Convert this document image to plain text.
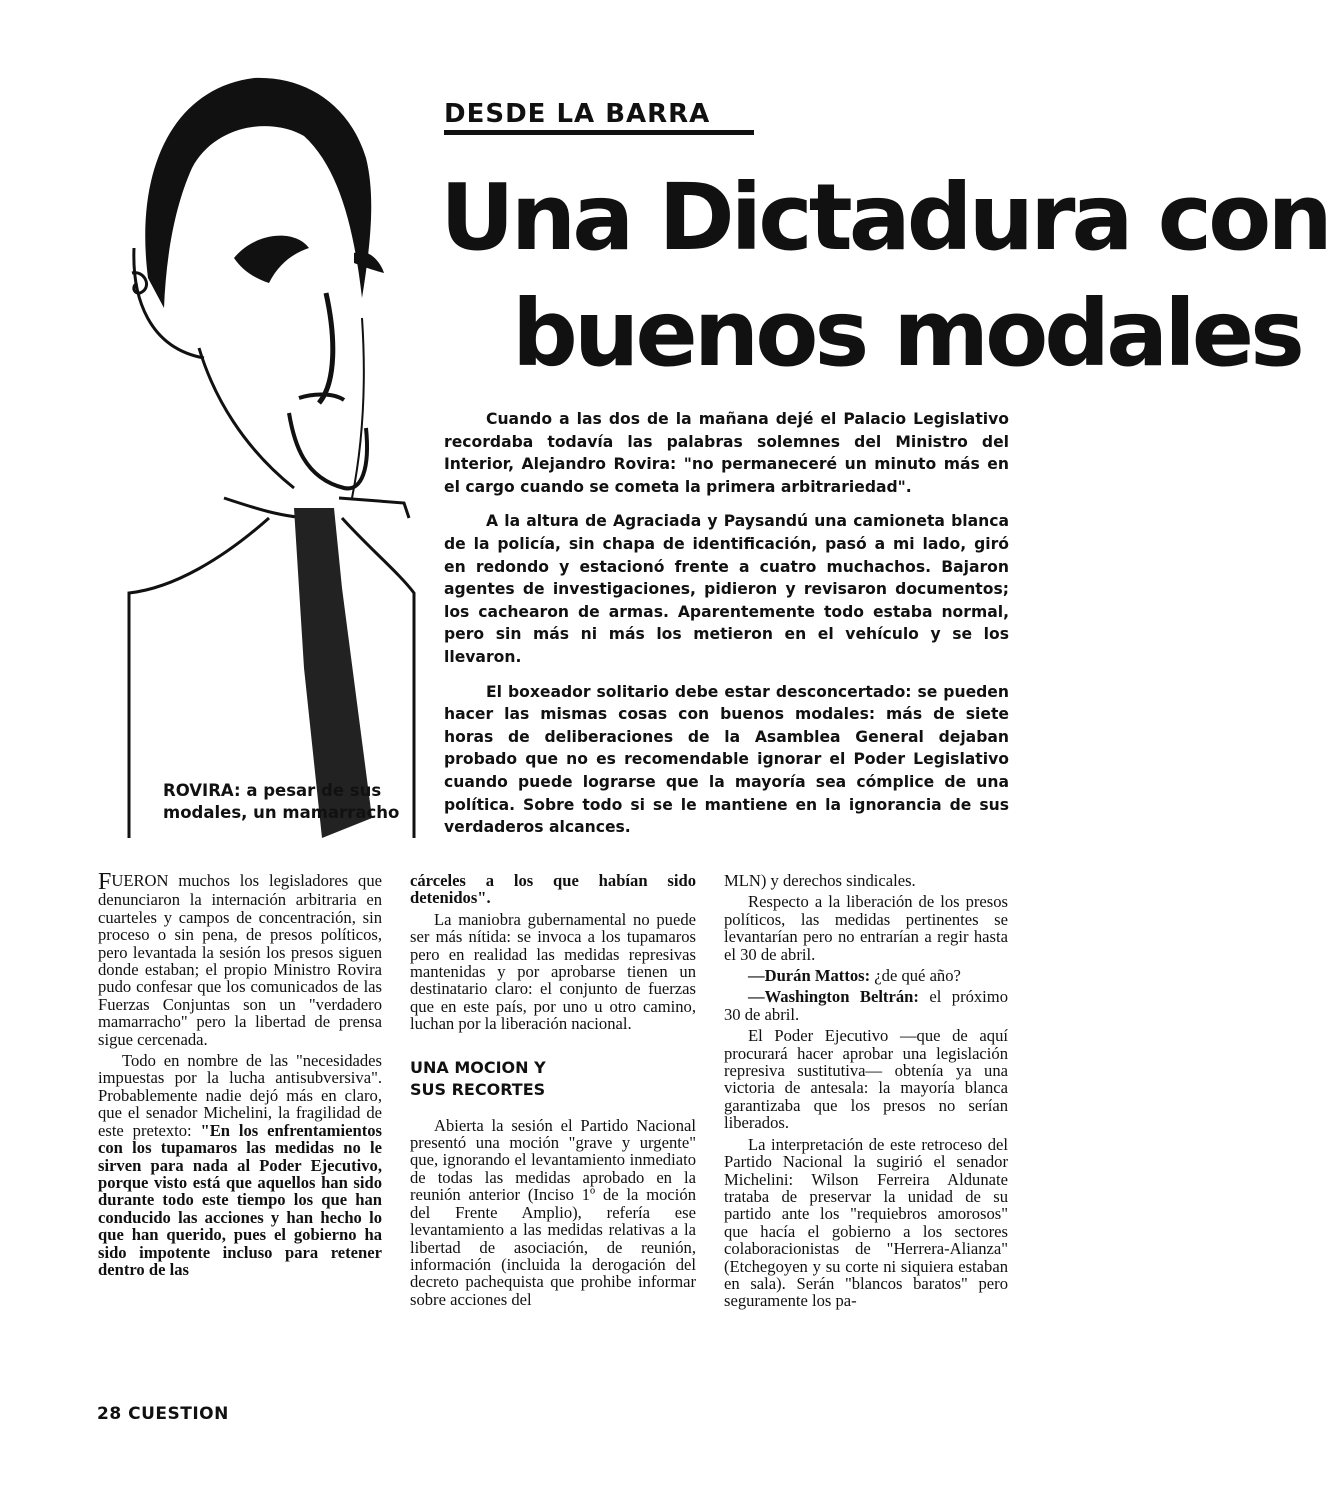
ROVIRA: a pesar de sus
modales, un mamarracho
DESDE LA BARRA
Una Dictadura con
buenos modales

Cuando a las dos de la mañana dejé el Palacio Legislativo recordaba todavía las palabras solemnes del Ministro del Interior, Alejandro Rovira: "no permaneceré un minuto más en el cargo cuando se cometa la primera arbitrariedad".

A la altura de Agraciada y Paysandú una camioneta blanca de la policía, sin chapa de identificación, pasó a mi lado, giró en redondo y estacionó frente a cuatro muchachos. Bajaron agentes de investigaciones, pidieron y revisaron documentos; los cachearon de armas. Aparentemente todo estaba normal, pero sin más ni más los metieron en el vehículo y se los llevaron.

El boxeador solitario debe estar desconcertado: se pueden hacer las mismas cosas con buenos modales: más de siete horas de deliberaciones de la Asamblea General dejaban probado que no es recomendable ignorar el Poder Legislativo cuando puede lograrse que la mayoría sea cómplice de una política. Sobre todo si se le mantiene en la ignorancia de sus verdaderos alcances.

FUERON muchos los legisladores que denunciaron la internación arbitraria en cuarteles y campos de concentración, sin proceso o sin pena, de presos políticos, pero levantada la sesión los presos siguen donde estaban; el propio Ministro Rovira pudo confesar que los comunicados de las Fuerzas Conjuntas son un "verdadero mamarracho" pero la libertad de prensa sigue cercenada.

Todo en nombre de las "necesidades impuestas por la lucha antisubversiva". Probablemente nadie dejó más en claro, que el senador Michelini, la fragilidad de este pretexto: "En los enfrentamientos con los tupamaros las medidas no le sirven para nada al Poder Ejecutivo, porque visto está que aquellos han sido durante todo este tiempo los que han conducido las acciones y han hecho lo que han querido, pues el gobierno ha sido impotente incluso para retener dentro de las

cárceles a los que habían sido detenidos".

La maniobra gubernamental no puede ser más nítida: se invoca a los tupamaros pero en realidad las medidas represivas mantenidas y por aprobarse tienen un destinatario claro: el conjunto de fuerzas que en este país, por uno u otro camino, luchan por la liberación nacional.

UNA MOCION Y
SUS RECORTES

Abierta la sesión el Partido Nacional presentó una moción "grave y urgente" que, ignorando el levantamiento inmediato de todas las medidas aprobado en la reunión anterior (Inciso 1º de la moción del Frente Amplio), refería ese levantamiento a las medidas relativas a la libertad de asociación, de reunión, información (incluida la derogación del decreto pachequista que prohibe informar sobre acciones del

MLN) y derechos sindicales.

Respecto a la liberación de los presos políticos, las medidas pertinentes se levantarían pero no entrarían a regir hasta el 30 de abril.

—Durán Mattos: ¿de qué año?

—Washington Beltrán: el próximo 30 de abril.

El Poder Ejecutivo —que de aquí procurará hacer aprobar una legislación represiva sustitutiva— obtenía ya una victoria de antesala: la mayoría blanca garantizaba que los presos no serían liberados.

La interpretación de este retroceso del Partido Nacional la sugirió el senador Michelini: Wilson Ferreira Aldunate trataba de preservar la unidad de su partido ante los "requiebros amorosos" que hacía el gobierno a los sectores colaboracionistas de "Herrera-Alianza" (Etchegoyen y su corte ni siquiera estaban en sala). Serán "blancos baratos" pero seguramente los pa-

28 CUESTION
